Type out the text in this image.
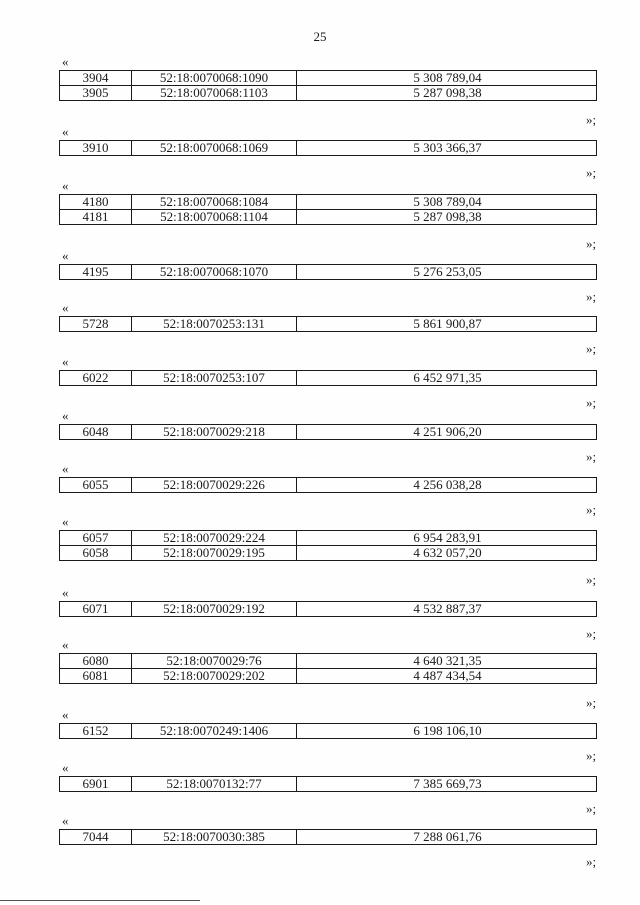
25
«
3904	52:18:0070068:1090	5 308 789,04
3905	52:18:0070068:1103	5 287 098,38
»;
«
3910	52:18:0070068:1069	5 303 366,37
»;
«
4180	52:18:0070068:1084	5 308 789,04
4181	52:18:0070068:1104	5 287 098,38
»;
«
4195	52:18:0070068:1070	5 276 253,05
»;
«
5728	52:18:0070253:131	5 861 900,87
»;
«
6022	52:18:0070253:107	6 452 971,35
»;
«
6048	52:18:0070029:218	4 251 906,20
»;
«
6055	52:18:0070029:226	4 256 038,28
»;
«
6057	52:18:0070029:224	6 954 283,91
6058	52:18:0070029:195	4 632 057,20
»;
«
6071	52:18:0070029:192	4 532 887,37
»;
«
6080	52:18:0070029:76	4 640 321,35
6081	52:18:0070029:202	4 487 434,54
»;
«
6152	52:18:0070249:1406	6 198 106,10
»;
«
6901	52:18:0070132:77	7 385 669,73
»;
«
7044	52:18:0070030:385	7 288 061,76
»;
